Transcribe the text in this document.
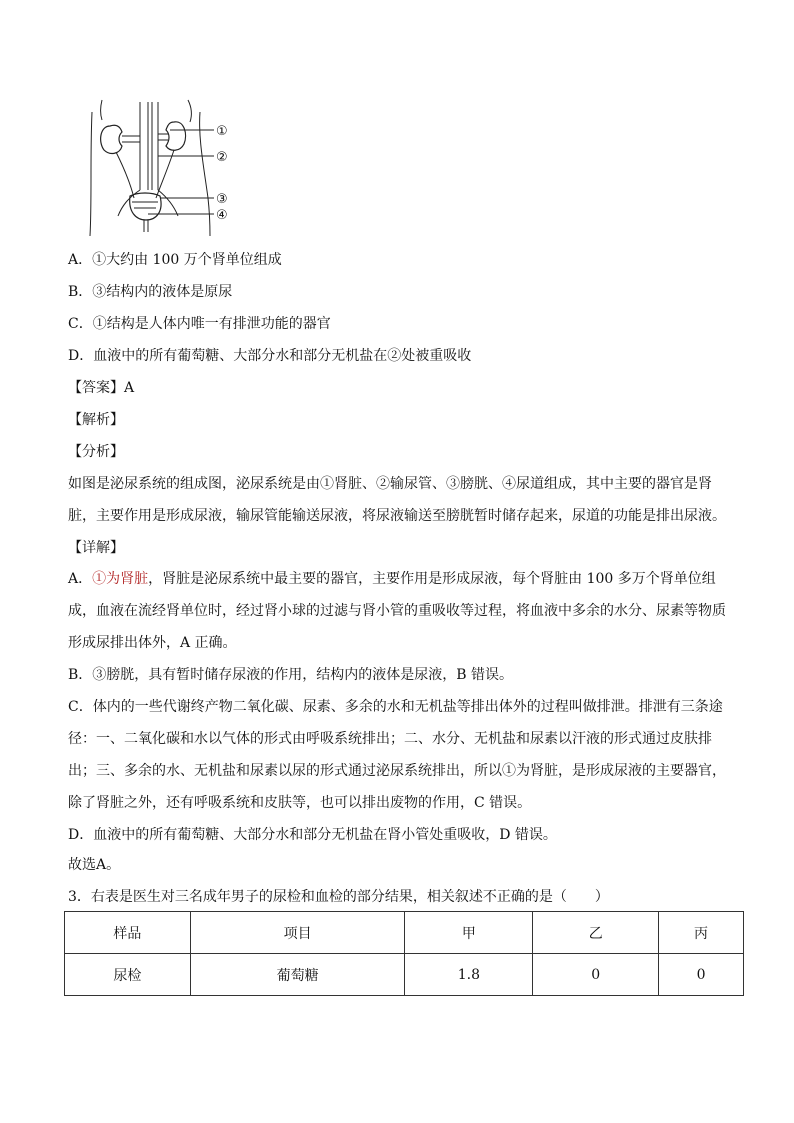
①
②
③
④
A．①大约由 100 万个肾单位组成
B．③结构内的液体是原尿
C．①结构是人体内唯一有排泄功能的器官
D．血液中的所有葡萄糖、大部分水和部分无机盐在②处被重吸收
【答案】A
【解析】
【分析】
如图是泌尿系统的组成图，泌尿系统是由①肾脏、②输尿管、③膀胱、④尿道组成，其中主要的器官是肾脏，主要作用是形成尿液，输尿管能输送尿液，将尿液输送至膀胱暂时储存起来，尿道的功能是排出尿液。
【详解】
A．①为肾脏，肾脏是泌尿系统中最主要的器官，主要作用是形成尿液，每个肾脏由 100 多万个肾单位组成，血液在流经肾单位时，经过肾小球的过滤与肾小管的重吸收等过程，将血液中多余的水分、尿素等物质形成尿排出体外，A 正确。
B．③膀胱，具有暂时储存尿液的作用，结构内的液体是尿液，B 错误。
C．体内的一些代谢终产物二氧化碳、尿素、多余的水和无机盐等排出体外的过程叫做排泄。排泄有三条途径：一、二氧化碳和水以气体的形式由呼吸系统排出；二、水分、无机盐和尿素以汗液的形式通过皮肤排出；三、多余的水、无机盐和尿素以尿的形式通过泌尿系统排出，所以①为肾脏，是形成尿液的主要器官，除了肾脏之外，还有呼吸系统和皮肤等，也可以排出废物的作用，C 错误。
D．血液中的所有葡萄糖、大部分水和部分无机盐在肾小管处重吸收，D 错误。
故选A。
3．右表是医生对三名成年男子的尿检和血检的部分结果，相关叙述不正确的是（　　）
样品	项目	甲	乙	丙
尿检	葡萄糖	1.8	0	0
